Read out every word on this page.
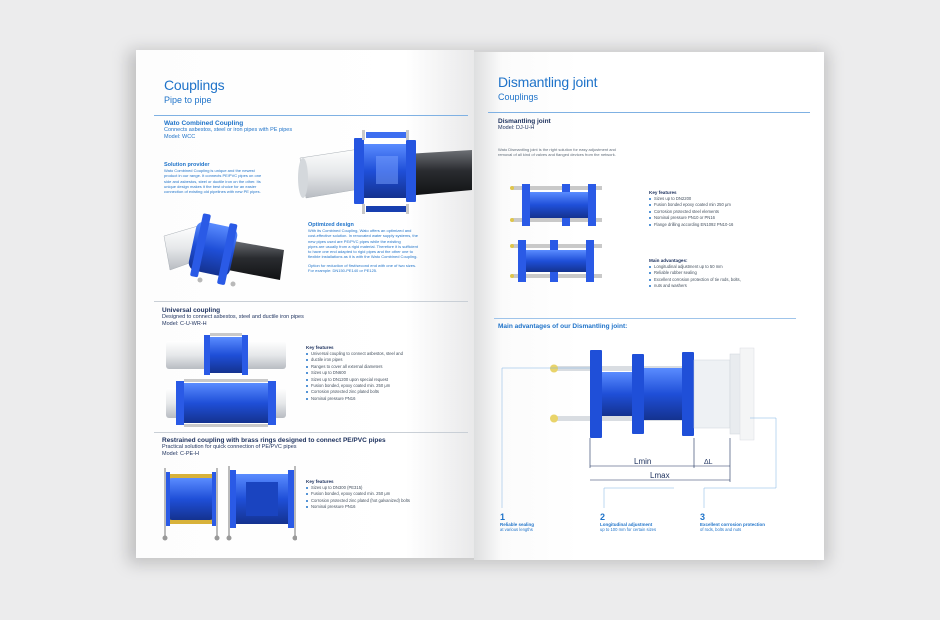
Couplings
Pipe to pipe
Wato Combined Coupling
Connects asbestos, steel or iron pipes with PE pipes
Model: WCC
Solution provider
Wato Combined Coupling is unique and the newest
product in our range. It connects PE/PVC pipes on one
side and asbestos, steel or ductile iron on the other. Its
unique design makes it the best choice for an easier
connection of existing old pipelines with new PE pipes.
Optimized design
With its Combined Coupling, Wato offers an optimized and
cost-effective solution. In renovated water supply systems, the
new pipes used are PE/PVC pipes while the existing
pipes are usually from a rigid material. Therefore it is sufficient
to have one end adapted to rigid pipes and the other one to
flexible installations as it is with the Wato Combined Coupling.
Option for reduction of first/second end with one of two sizes.
For example: DN150-PE140 or PE125.
Universal coupling
Designed to connect asbestos, steel and ductile iron pipes
Model: C-U-WR-H
Key features
Universal coupling to connect asbestos, steel and
ductile iron pipes
Ranges to cover all external diameters
Sizes up to DN600
Sizes up to DN1200 upon special request
Fusion bonded, epoxy coated min. 250 μm
Corrosion protected zinc plated bolts
Nominal pressure PN16
Restrained coupling with brass rings designed to connect PE/PVC pipes
Practical solution for quick connection of PE/PVC pipes
Model: C-PE-H
Key features
Sizes up to DN300 (PE315)
Fusion bonded, epoxy coated min. 250 μm
Corrosion protected zinc plated (hot galvanized) bolts
Nominal pressure PN16
Dismantling joint
Couplings
Dismantling joint
Model: DJ-U-H
Wato Dismantling joint is the right solution for easy adjustment and
removal of all kind of valves and flanged devices from the network.
Key features
Sizes up to DN2200
Fusion bonded epoxy coated min 250 μm
Corrosion protected steel elements
Nominal pressure PN10 or PN16
Flange drilling according EN1092 PN10-16
Main advantages:
Longitudinal adjustment up to 50 mm
Reliable rubber sealing
Excellent corrosion protection of tie rods, bolts,
nuts and washers
Main advantages of our Dismantling joint:
Lmin
Lmax
ΔL
1
Reliable sealing
at various lengths
2
Longitudinal adjustment
up to 100 mm for certain sizes
3
Excellent corrosion protection
of rods, bolts and nuts
